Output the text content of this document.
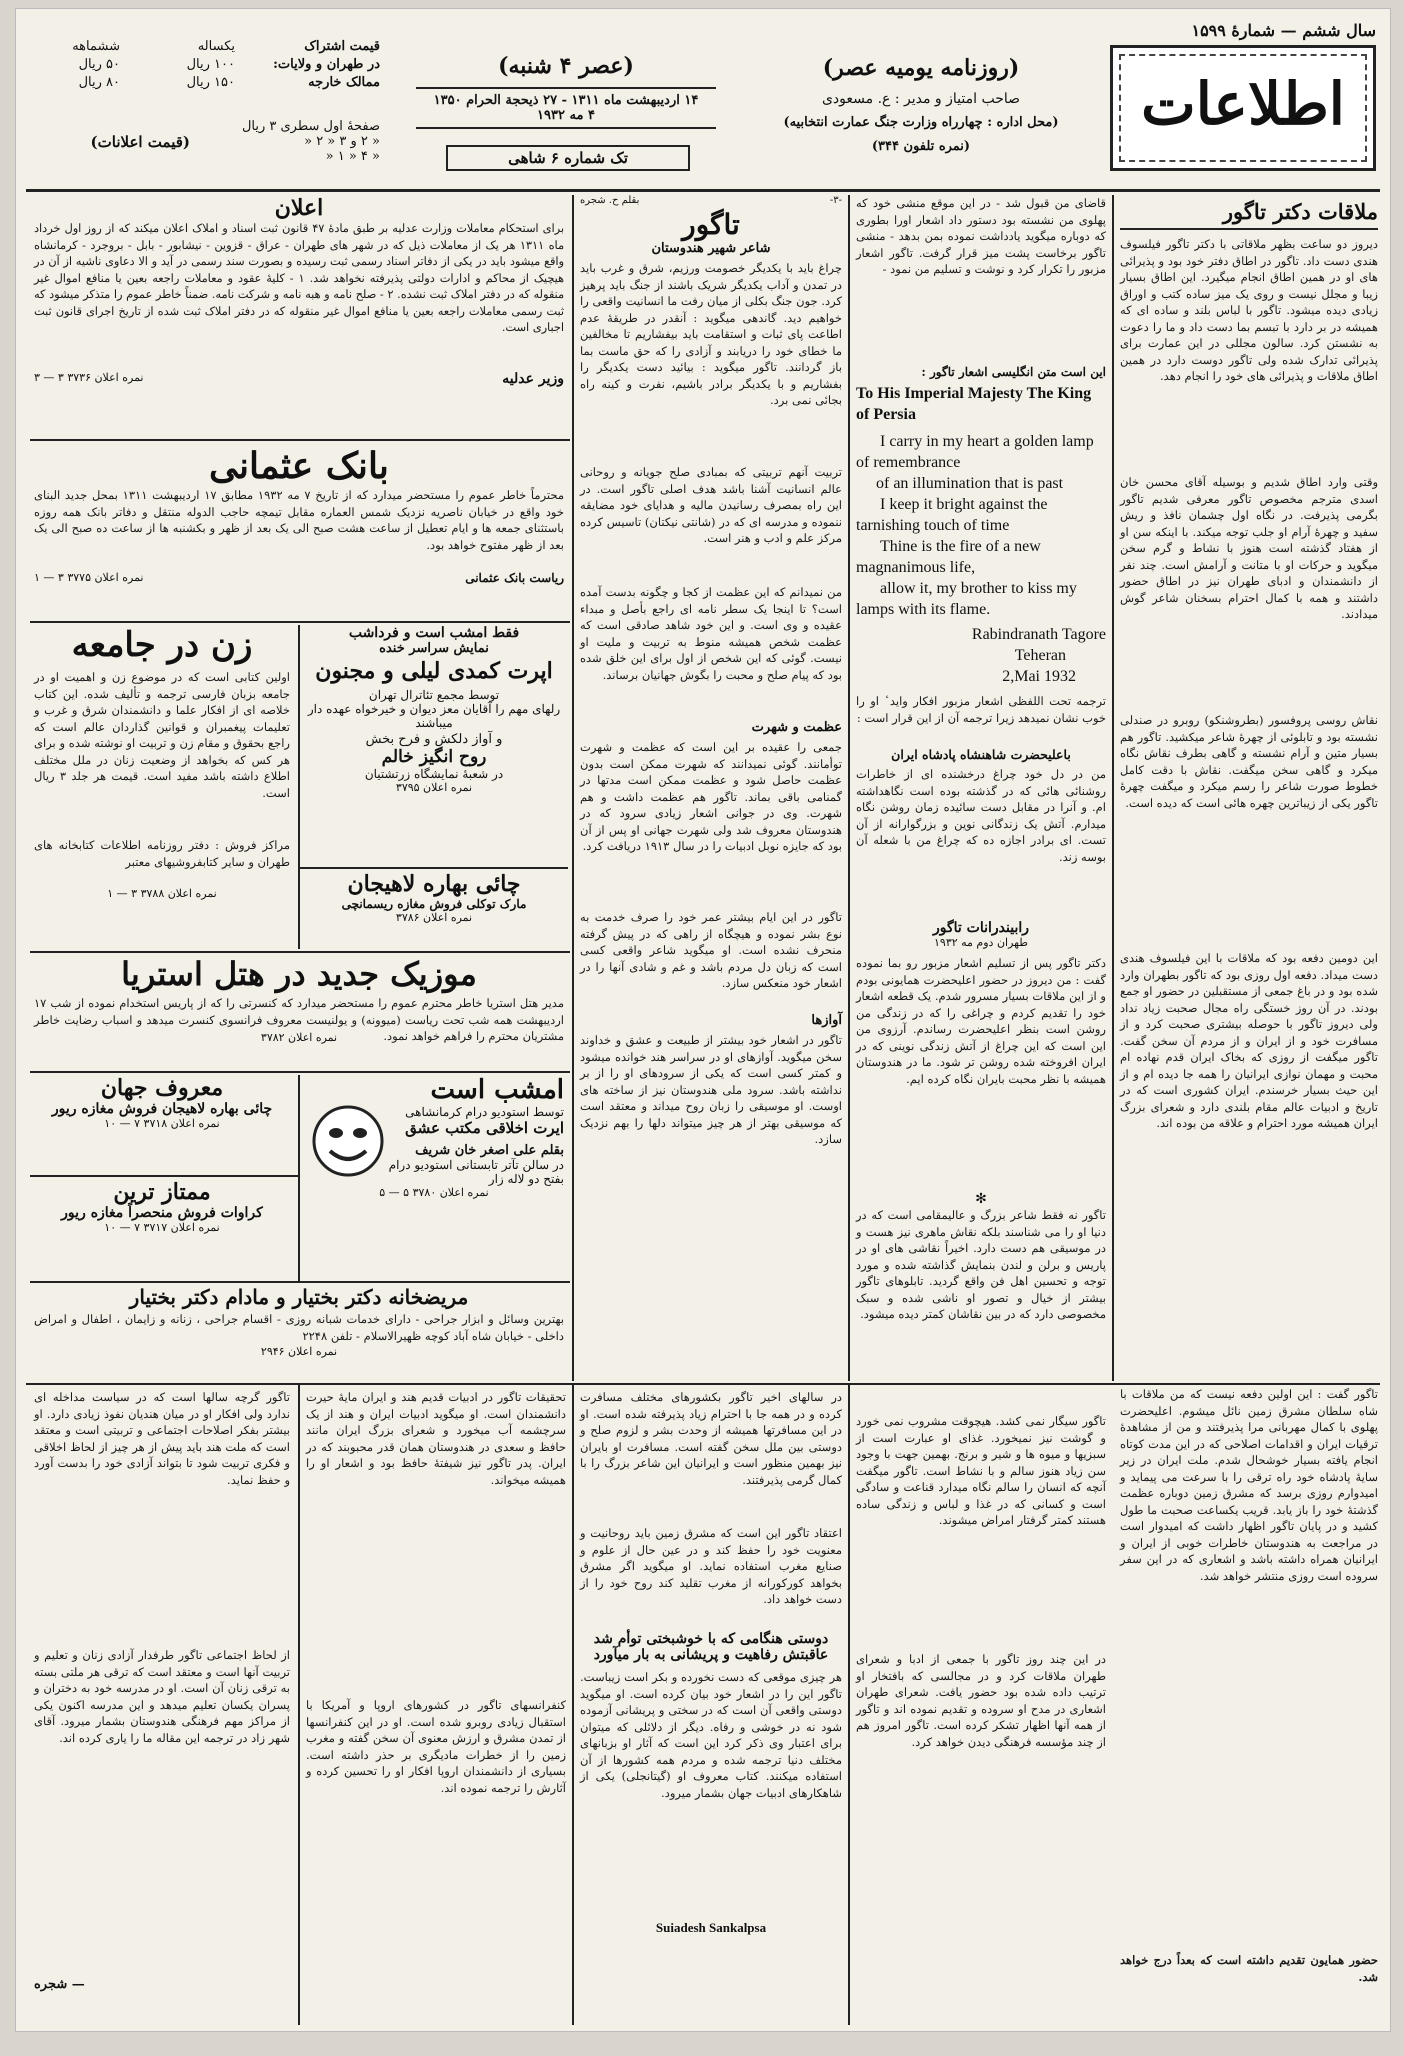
سال ششم — شمارۀ ۱۵۹۹
اطلاعات
(روزنامه یومیه عصر)
صاحب امتیاز و مدیر : ع. مسعودی
(محل اداره : چهارراه وزارت جنگ عمارت انتخابیه)
(نمره تلفون ۳۴۴)
(عصر ۴ شنبه)
۱۴ اردیبهشت ماه ۱۳۱۱ - ۲۷ ذیحجة الحرام ۱۳۵۰
۴ مه ۱۹۳۲
تک شماره ۶ شاهی
قیمت اشتراک
یکساله
ششماهه
در طهران و ولایات:
۱۰۰ ریال
۵۰ ریال
ممالک خارجه
۱۵۰ ریال
۸۰ ریال
صفحهٔ اول سطری ۳ ریال
« ۲ و ۳ « ۲ «
« ۴ « ۱ «
(قیمت اعلانات)
ملاقات دکتر تاگور
دیروز دو ساعت بظهر ملاقاتی با دکتر تاگور فیلسوف هندی دست داد. تاگور در اطاق دفتر خود بود و پذیرائی های او در همین اطاق انجام میگیرد. این اطاق بسیار زیبا و مجلل نیست و روی یک میز ساده کتب و اوراق زیادی دیده میشود. تاگور با لباس بلند و ساده ای که همیشه در بر دارد با تبسم بما دست داد و ما را دعوت به نشستن کرد. سالون مجللی در این عمارت برای پذیرائی تدارک شده ولی تاگور دوست دارد در همین اطاق ملاقات و پذیرائی های خود را انجام دهد.
وقتی وارد اطاق شدیم و بوسیله آقای محسن خان اسدی مترجم مخصوص تاگور معرفی شدیم تاگور بگرمی پذیرفت. در نگاه اول چشمان نافذ و ریش سفید و چهرهٔ آرام او جلب توجه میکند. با اینکه سن او از هفتاد گذشته است هنوز با نشاط و گرم سخن میگوید و حرکات او با متانت و آرامش است. چند نفر از دانشمندان و ادبای طهران نیز در اطاق حضور داشتند و همه با کمال احترام بسخنان شاعر گوش میدادند.
نقاش روسی پروفسور (بطروشنکو) روبرو در صندلی نشسته بود و تابلوئی از چهرهٔ شاعر میکشید. تاگور هم بسیار متین و آرام نشسته و گاهی بطرف نقاش نگاه میکرد و گاهی سخن میگفت. نقاش با دقت کامل خطوط صورت شاعر را رسم میکرد و میگفت چهرهٔ تاگور یکی از زیباترین چهره هائی است که دیده است.
این دومین دفعه بود که ملاقات با این فیلسوف هندی دست میداد. دفعه اول روزی بود که تاگور بطهران وارد شده بود و در باغ جمعی از مستقبلین در حضور او جمع بودند. در آن روز خستگی راه مجال صحبت زیاد نداد ولی دیروز تاگور با حوصله بیشتری صحبت کرد و از مسافرت خود و از ایران و از مردم آن سخن گفت. تاگور میگفت از روزی که بخاک ایران قدم نهاده ام محبت و مهمان نوازی ایرانیان را همه جا دیده ام و از این حیث بسیار خرسندم. ایران کشوری است که در تاریخ و ادبیات عالم مقام بلندی دارد و شعرای بزرگ ایران همیشه مورد احترام و علاقه من بوده اند.
تاگور گفت : این اولین دفعه نیست که من ملاقات با شاه سلطان مشرق زمین نائل میشوم. اعلیحضرت پهلوی با کمال مهربانی مرا پذیرفتند و من از مشاهدهٔ ترقیات ایران و اقدامات اصلاحی که در این مدت کوتاه انجام یافته بسیار خوشحال شدم. ملت ایران در زیر سایهٔ پادشاه خود راه ترقی را با سرعت می پیماید و امیدوارم روزی برسد که مشرق زمین دوباره عظمت گذشتهٔ خود را باز یابد. قریب یکساعت صحبت ما طول کشید و در پایان تاگور اظهار داشت که امیدوار است در مراجعت به هندوستان خاطرات خوبی از ایران و ایرانیان همراه داشته باشد و اشعاری که در این سفر سروده است روزی منتشر خواهد شد.
حضور همایون تقدیم داشته است که بعداً درج خواهد شد.
قاضای من قبول شد - در این موقع منشی خود که پهلوی من نشسته بود دستور داد اشعار اورا بطوری که دوباره میگوید یادداشت نموده بمن بدهد - منشی تاگور برخاست پشت میز قرار گرفت. تاگور اشعار مزبور را تکرار کرد و نوشت و تسلیم من نمود -
این است متن انگلیسی اشعار تاگور :
To His Imperial Majesty The King of Persia
I carry in my heart a golden lamp of remembrance
of an illumination that is past
I keep it bright against the tarnishing touch of time
Thine is the fire of a new magnanimous life,
allow it, my brother to kiss my lamps with its flame.
Rabindranath Tagore
Teheran
2,Mai 1932
ترجمه تحت اللفظی اشعار مزبور افکار واید ٔ او را خوب نشان نمیدهد زیرا ترجمه آن از این قرار است :
باعلیحضرت شاهنشاه پادشاه ایران
من در دل خود چراغ درخشنده ای از خاطرات روشنائی هائی که در گذشته بوده است نگاهداشته ام. و آنرا در مقابل دست سائیده زمان روشن نگاه میدارم. آتش یک زندگانی نوین و بزرگوارانه از آن تست. ای برادر اجازه ده که چراغ من با شعله آن بوسه زند.
رابیندرانات تاگور
طهران دوم مه ۱۹۳۲
دکتر تاگور پس از تسلیم اشعار مزبور رو بما نموده گفت : من دیروز در حضور اعلیحضرت همایونی بودم و از این ملاقات بسیار مسرور شدم. یک قطعه اشعار خود را تقدیم کردم و چراغی را که در زندگی من روشن است بنظر اعلیحضرت رساندم. آرزوی من این است که این چراغ از آتش زندگی نوینی که در ایران افروخته شده روشن تر شود. ما در هندوستان همیشه با نظر محبت بایران نگاه کرده ایم.
✻
تاگور نه فقط شاعر بزرگ و عالیمقامی است که در دنیا او را می شناسند بلکه نقاش ماهری نیز هست و در موسیقی هم دست دارد. اخیراً نقاشی های او در پاریس و برلن و لندن بنمایش گذاشته شده و مورد توجه و تحسین اهل فن واقع گردید. تابلوهای تاگور بیشتر از خیال و تصور او ناشی شده و سبک مخصوصی دارد که در بین نقاشان کمتر دیده میشود.
تاگور سیگار نمی کشد. هیچوقت مشروب نمی خورد و گوشت نیز نمیخورد. غذای او عبارت است از سبزیها و میوه ها و شیر و برنج. بهمین جهت با وجود سن زیاد هنوز سالم و با نشاط است. تاگور میگفت آنچه که انسان را سالم نگاه میدارد قناعت و سادگی است و کسانی که در غذا و لباس و زندگی ساده هستند کمتر گرفتار امراض میشوند.
در این چند روز تاگور با جمعی از ادبا و شعرای طهران ملاقات کرد و در مجالسی که بافتخار او ترتیب داده شده بود حضور یافت. شعرای طهران اشعاری در مدح او سروده و تقدیم نموده اند و تاگور از همه آنها اظهار تشکر کرده است. تاگور امروز هم از چند مؤسسه فرهنگی دیدن خواهد کرد.
بقلم ح. شجره	-۳-
تاگور
شاعر شهیر هندوستان
چراغ باید با یکدیگر خصومت ورزیم، شرق و غرب باید در تمدن و آداب یکدیگر شریک باشند از جنگ باید پرهیز کرد. جون جنگ بکلی از میان رفت ما انسانیت واقعی را خواهیم دید. گاندهی میگوید : آنقدر در طریقهٔ عدم اطاعت پای ثبات و استقامت باید بیفشاریم تا مخالفین ما خطای خود را دریابند و آزادی را که حق ماست بما باز گردانند. تاگور میگوید : بیائید دست یکدیگر را بفشاریم و با یکدیگر برادر باشیم، نفرت و کینه راه بجائی نمی برد.
تربیت آنهم تربیتی که بمبادی صلح جویانه و روحانی عالم انسانیت آشنا باشد هدف اصلی تاگور است. در این راه بمصرف رسانیدن مالیه و هدایای خود مضایقه ننموده و مدرسه ای که در (شانتی نیکتان) تاسیس کرده مرکز علم و ادب و هنر است.
من نمیدانم که این عظمت از کجا و چگونه بدست آمده است؟ تا اینجا یک سطر نامه ای راجع بأصل و مبداء عقیده و وی است. و این خود شاهد صادقی است که عظمت شخص همیشه منوط به تربیت و ملیت او نیست. گوئی که این شخص از اول برای این خلق شده بود که پیام صلح و محبت را بگوش جهانیان برساند.
عظمت و شهرت
جمعی را عقیده بر این است که عظمت و شهرت توأمانند. گوئی نمیدانند که شهرت ممکن است بدون عظمت حاصل شود و عظمت ممکن است مدتها در گمنامی باقی بماند. تاگور هم عظمت داشت و هم شهرت. وی در جوانی اشعار زیادی سرود که در هندوستان معروف شد ولی شهرت جهانی او پس از آن بود که جایزه نوبل ادبیات را در سال ۱۹۱۳ دریافت کرد.
تاگور در این ایام بیشتر عمر خود را صرف خدمت به نوع بشر نموده و هیچگاه از راهی که در پیش گرفته منحرف نشده است. او میگوید شاعر واقعی کسی است که زبان دل مردم باشد و غم و شادی آنها را در اشعار خود منعکس سازد.
آوازها
تاگور در اشعار خود بیشتر از طبیعت و عشق و خداوند سخن میگوید. آوازهای او در سراسر هند خوانده میشود و کمتر کسی است که یکی از سرودهای او را از بر نداشته باشد. سرود ملی هندوستان نیز از ساخته های اوست. او موسیقی را زبان روح میداند و معتقد است که موسیقی بهتر از هر چیز میتواند دلها را بهم نزدیک سازد.
اعلان
برای استحکام معاملات وزارت عدلیه بر طبق مادهٔ ۴۷ قانون ثبت اسناد و املاک اعلان میکند که از روز اول خرداد ماه ۱۳۱۱ هر یک از معاملات ذیل که در شهر های طهران - عراق - قزوین - نیشابور - بابل - بروجرد - کرمانشاه واقع میشود باید در یکی از دفاتر اسناد رسمی ثبت رسیده و بصورت سند رسمی در آید و الا دعاوی ناشیه از آن در هیچیک از محاکم و ادارات دولتی پذیرفته نخواهد شد. ۱ - کلیهٔ عقود و معاملات راجعه بعین یا منافع اموال غیر منقوله که در دفتر املاک ثبت نشده. ۲ - صلح نامه و هبه نامه و شرکت نامه. ضمناً خاطر عموم را متذکر میشود که ثبت رسمی معاملات راجعه بعین یا منافع اموال غیر منقوله که در دفتر املاک ثبت شده از تاریخ اجرای قانون ثبت اجباری است.
وزیر عدلیه
نمره اعلان ۳۷۳۶ ۳ — ۳
بانک عثمانی
محترماً خاطر عموم را مستحضر میدارد که از تاریخ ۷ مه ۱۹۳۲ مطابق ۱۷ اردیبهشت ۱۳۱۱ بمحل جدید البنای خود واقع در خیابان ناصریه نزدیک شمس العماره مقابل تیمچه حاجب الدوله منتقل و دفاتر بانک همه روزه باستثنای جمعه ها و ایام تعطیل از ساعت هشت صبح الی یک بعد از ظهر و بکشنبه ها از ساعت ده صبح الی یک بعد از ظهر مفتوح خواهد بود.
ریاست بانک عثمانی
نمره اعلان ۳۷۷۵ ۳ — ۱
فقط امشب است و فرداشب
نمایش سراسر خنده
اپرت کمدی لیلی و مجنون
توسط مجمع تئاترال تهران
رلهای مهم را آقایان معز دیوان و خیرخواه عهده دار میباشند
و آواز دلکش و فرح بخش
روح انگیز خالم
در شعبهٔ نمایشگاه زرتشتیان
نمره اعلان ۳۷۹۵
زن در جامعه
اولین کتابی است که در موضوع زن و اهمیت او در جامعه بزبان فارسی ترجمه و تألیف شده. این کتاب خلاصه ای از افکار علما و دانشمندان شرق و غرب و تعلیمات پیغمبران و قوانین گذاردان عالم است که راجع بحقوق و مقام زن و تربیت او نوشته شده و برای هر کس که بخواهد از وضعیت زنان در ملل مختلف اطلاع داشته باشد مفید است. قیمت هر جلد ۳ ریال است.
مراکز فروش : دفتر روزنامه اطلاعات کتابخانه های طهران و سایر کتابفروشیهای معتبر
نمره اعلان ۳۷۸۸ ۳ — ۱	چائی بهاره لاهیجان
مارک توکلی فروش مغازه ریسمانچی
نمره اعلان ۳۷۸۶
موزیک جدید در هتل استریا
مدیر هتل استریا خاطر محترم عموم را مستحضر میدارد که کنسرتی را که از پاریس استخدام نموده از شب ۱۷ اردیبهشت همه شب تحت ریاست (میوونه) و یولنیست معروف فرانسوی کنسرت میدهد و اسباب رضایت خاطر مشتریان محترم را فراهم خواهد نمود.
نمره اعلان ۳۷۸۲
امشب است
توسط استودیو درام کرمانشاهی
ایرت اخلاقی مکتب عشق
بقلم علی اصغر خان شریف
در سالن تآتر تابستانی استودیو درام
بفتح دو لاله زار
نمره اعلان ۳۷۸۰ ۵ — ۵
معروف جهان
چائی بهاره لاهیجان فروش مغازه ریور
نمره اعلان ۳۷۱۸ ۷ — ۱۰
ممتاز ترین
کراوات فروش منحصراً مغازه ریور
نمره اعلان ۳۷۱۷ ۷ — ۱۰
مریضخانه دکتر بختیار و مادام دکتر بختیار
بهترین وسائل و ابزار جراحی - دارای خدمات شبانه روزی - اقسام جراحی ، زنانه و زایمان ، اطفال و امراض داخلی - خیابان شاه آباد کوچه ظهیرالاسلام - تلفن ۲۲۴۸
نمره اعلان ۲۹۴۶
در سالهای اخیر تاگور بکشورهای مختلف مسافرت کرده و در همه جا با احترام زیاد پذیرفته شده است. او در این مسافرتها همیشه از وحدت بشر و لزوم صلح و دوستی بین ملل سخن گفته است. مسافرت او بایران نیز بهمین منظور است و ایرانیان این شاعر بزرگ را با کمال گرمی پذیرفتند.
اعتقاد تاگور این است که مشرق زمین باید روحانیت و معنویت خود را حفظ کند و در عین حال از علوم و صنایع مغرب استفاده نماید. او میگوید اگر مشرق بخواهد کورکورانه از مغرب تقلید کند روح خود را از دست خواهد داد.
دوستی هنگامی که با خوشبختی توأم شد عاقبتش رفاهیت و پریشانی به بار میآورد
هر چیزی موقعی که دست نخورده و بکر است زیباست. تاگور این را در اشعار خود بیان کرده است. او میگوید دوستی واقعی آن است که در سختی و پریشانی آزموده شود نه در خوشی و رفاه. دیگر از دلائلی که میتوان برای اعتبار وی ذکر کرد این است که آثار او بزبانهای مختلف دنیا ترجمه شده و مردم همه کشورها از آن استفاده میکنند. کتاب معروف او (گیتانجلی) یکی از شاهکارهای ادبیات جهان بشمار میرود.
Suiadesh Sankalpsa
تحقیقات تاگور در ادبیات قدیم هند و ایران مایهٔ حیرت دانشمندان است. او میگوید ادبیات ایران و هند از یک سرچشمه آب میخورد و شعرای بزرگ ایران مانند حافظ و سعدی در هندوستان همان قدر محبوبند که در ایران. پدر تاگور نیز شیفتهٔ حافظ بود و اشعار او را همیشه میخواند.
کنفرانسهای تاگور در کشورهای اروپا و آمریکا با استقبال زیادی روبرو شده است. او در این کنفرانسها از تمدن مشرق و ارزش معنوی آن سخن گفته و مغرب زمین را از خطرات مادیگری بر حذر داشته است. بسیاری از دانشمندان اروپا افکار او را تحسین کرده و آثارش را ترجمه نموده اند.
تاگور گرچه سالها است که در سیاست مداخله ای ندارد ولی افکار او در میان هندیان نفوذ زیادی دارد. او بیشتر بفکر اصلاحات اجتماعی و تربیتی است و معتقد است که ملت هند باید پیش از هر چیز از لحاظ اخلاقی و فکری تربیت شود تا بتواند آزادی خود را بدست آورد و حفظ نماید.
از لحاظ اجتماعی تاگور طرفدار آزادی زنان و تعلیم و تربیت آنها است و معتقد است که ترقی هر ملتی بسته به ترقی زنان آن است. او در مدرسه خود به دختران و پسران یکسان تعلیم میدهد و این مدرسه اکنون یکی از مراکز مهم فرهنگی هندوستان بشمار میرود. آقای شهر زاد در ترجمه این مقاله ما را یاری کرده اند.
— شجره
